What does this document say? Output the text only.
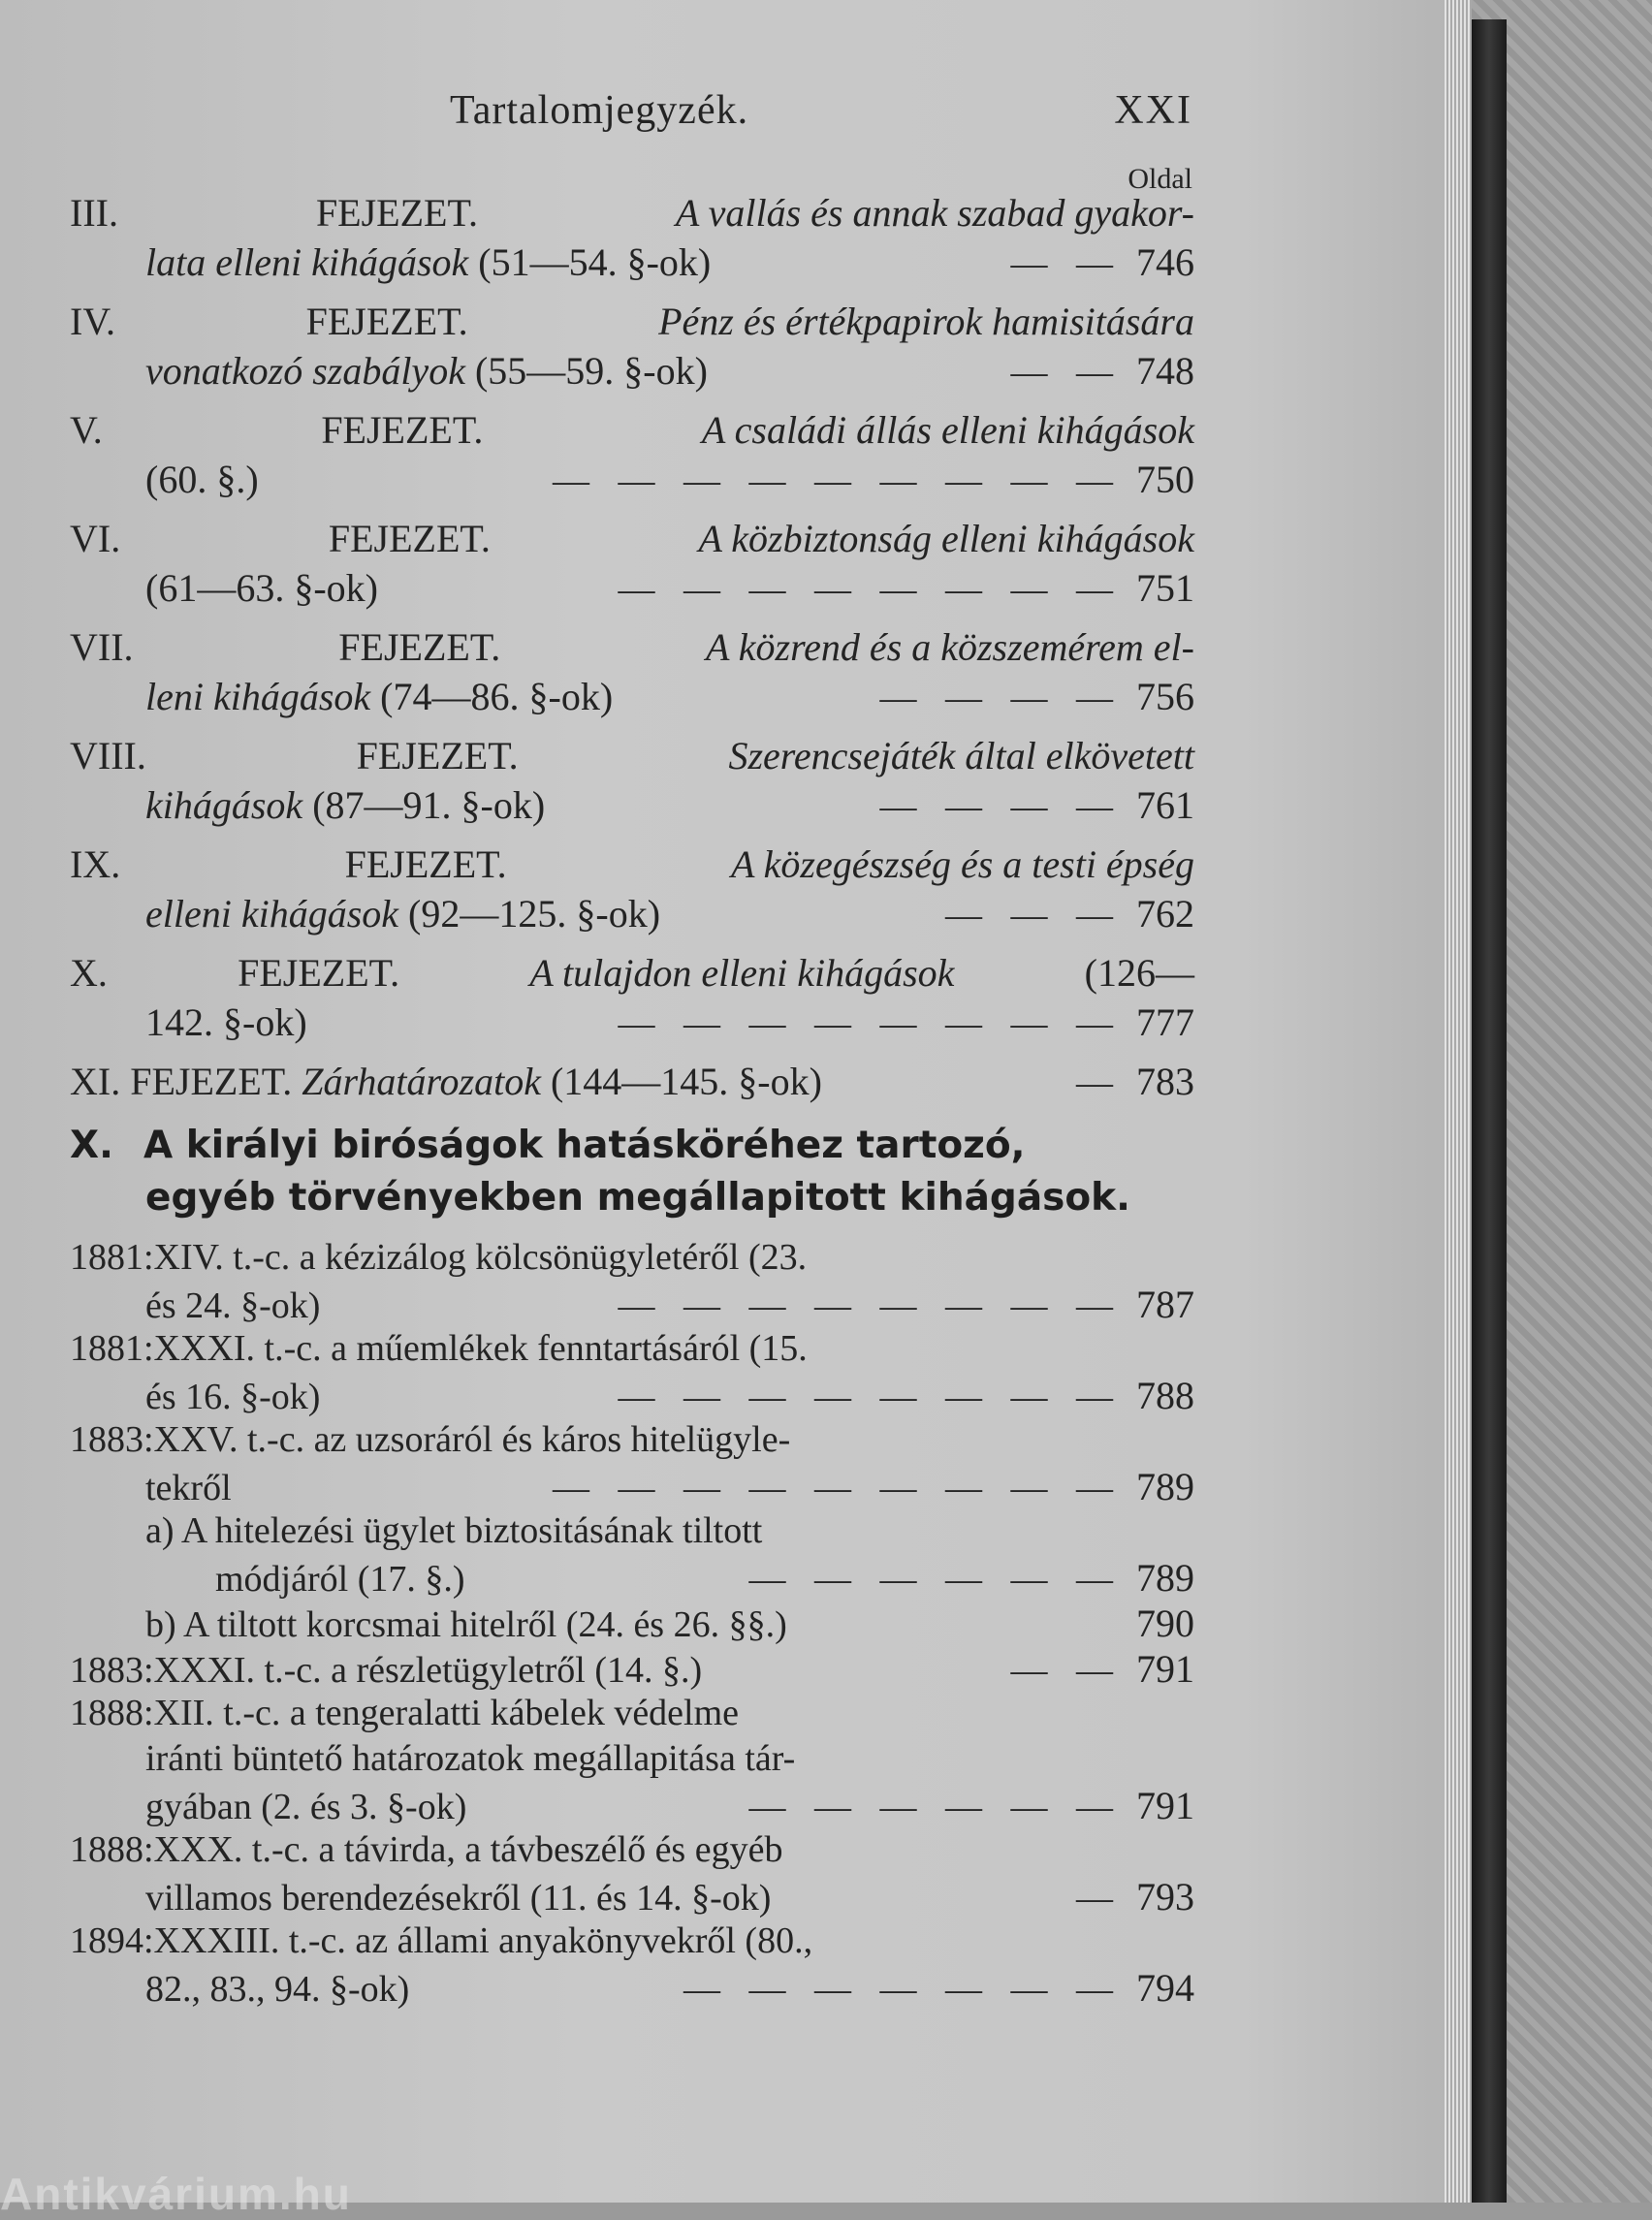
Tartalomjegyzék.	XXI
Oldal
III.	FEJEZET.	A vallás és annak szabad gyakor-
lata elleni kihágások
(51—54. §-ok)	— — 746
IV.	FEJEZET.	Pénz és értékpapirok hamisitására
vonatkozó szabályok
(55—59. §-ok)	— — 748
V.	FEJEZET.	A családi állás elleni kihágások
(60. §.)	— — — — — — — — — 750
VI.	FEJEZET.	A közbiztonság elleni kihágások
(61—63. §-ok)	— — — — — — — — 751
VII.	FEJEZET.	A közrend és a közszemérem el-
leni kihágások
(74—86. §-ok)	— — — — 756
VIII.	FEJEZET.	Szerencsejáték által elkövetett
kihágások
(87—91. §-ok)	— — — — 761
IX.	FEJEZET.	A közegészség és a testi épség
elleni kihágások
(92—125. §-ok)	— — — 762
X.	FEJEZET.	A tulajdon elleni kihágások	(126—
142. §-ok)	— — — — — — — — 777
XI.
FEJEZET.
Zárhatározatok
(144—145. §-ok)	— 783
X. A királyi biróságok hatásköréhez tartozó,
egyéb törvényekben megállapitott kihágások.
1881:XIV. t.-c. a kézizálog kölcsönügyletéről (23.
és 24. §-ok)	— — — — — — — — 787
1881:XXXI. t.-c. a műemlékek fenntartásáról (15.
és 16. §-ok)	— — — — — — — — 788
1883:XXV. t.-c. az uzsoráról és káros hitelügyle-
tekről	— — — — — — — — — 789
a) A hitelezési ügylet biztositásának tiltott
módjáról (17. §.)	— — — — — — 789
b) A tiltott korcsmai hitelről (24. és 26. §§.)	790
1883:XXXI. t.-c. a részletügyletről (14. §.)	— — 791
1888:XII. t.-c. a tengeralatti kábelek védelme
iránti büntető határozatok megállapitása tár-
gyában (2. és 3. §-ok)	— — — — — — 791
1888:XXX. t.-c. a távirda, a távbeszélő és egyéb
villamos berendezésekről (11. és 14. §-ok)	— 793
1894:XXXIII. t.-c. az állami anyakönyvekről (80.,
82., 83., 94. §-ok)	— — — — — — — 794
Antikvárium.hu
